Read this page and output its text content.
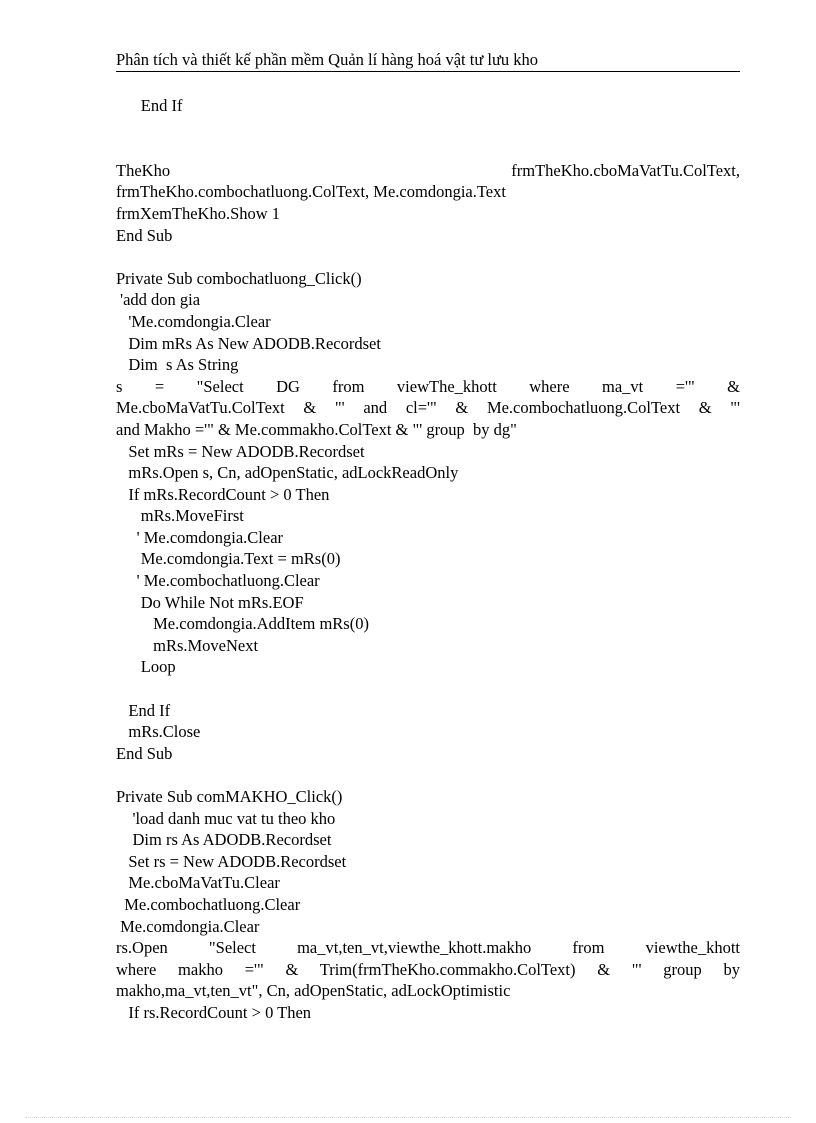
Phân tích và thiết kế phần mềm Quản lí hàng hoá vật tư lưu kho
End If
TheKho frmTheKho.cboMaVatTu.ColText,
frmTheKho.combochatluong.ColText, Me.comdongia.Text
frmXemTheKho.Show 1
End Sub
Private Sub combochatluong_Click()
'add don gia
'Me.comdongia.Clear
Dim mRs As New ADODB.Recordset
Dim  s As String
s = "Select DG from viewThe_khott where ma_vt ='" &
Me.cboMaVatTu.ColText & "' and cl='" & Me.combochatluong.ColText & "'
and Makho ='" & Me.commakho.ColText & "' group  by dg"
Set mRs = New ADODB.Recordset
mRs.Open s, Cn, adOpenStatic, adLockReadOnly
If mRs.RecordCount > 0 Then
mRs.MoveFirst
' Me.comdongia.Clear
Me.comdongia.Text = mRs(0)
' Me.combochatluong.Clear
Do While Not mRs.EOF
Me.comdongia.AddItem mRs(0)
mRs.MoveNext
Loop
End If
mRs.Close
End Sub
Private Sub comMAKHO_Click()
'load danh muc vat tu theo kho
Dim rs As ADODB.Recordset
Set rs = New ADODB.Recordset
Me.cboMaVatTu.Clear
Me.combochatluong.Clear
Me.comdongia.Clear
rs.Open "Select ma_vt,ten_vt,viewthe_khott.makho from viewthe_khott
where makho ='" & Trim(frmTheKho.commakho.ColText) & "' group by
makho,ma_vt,ten_vt", Cn, adOpenStatic, adLockOptimistic
If rs.RecordCount > 0 Then
